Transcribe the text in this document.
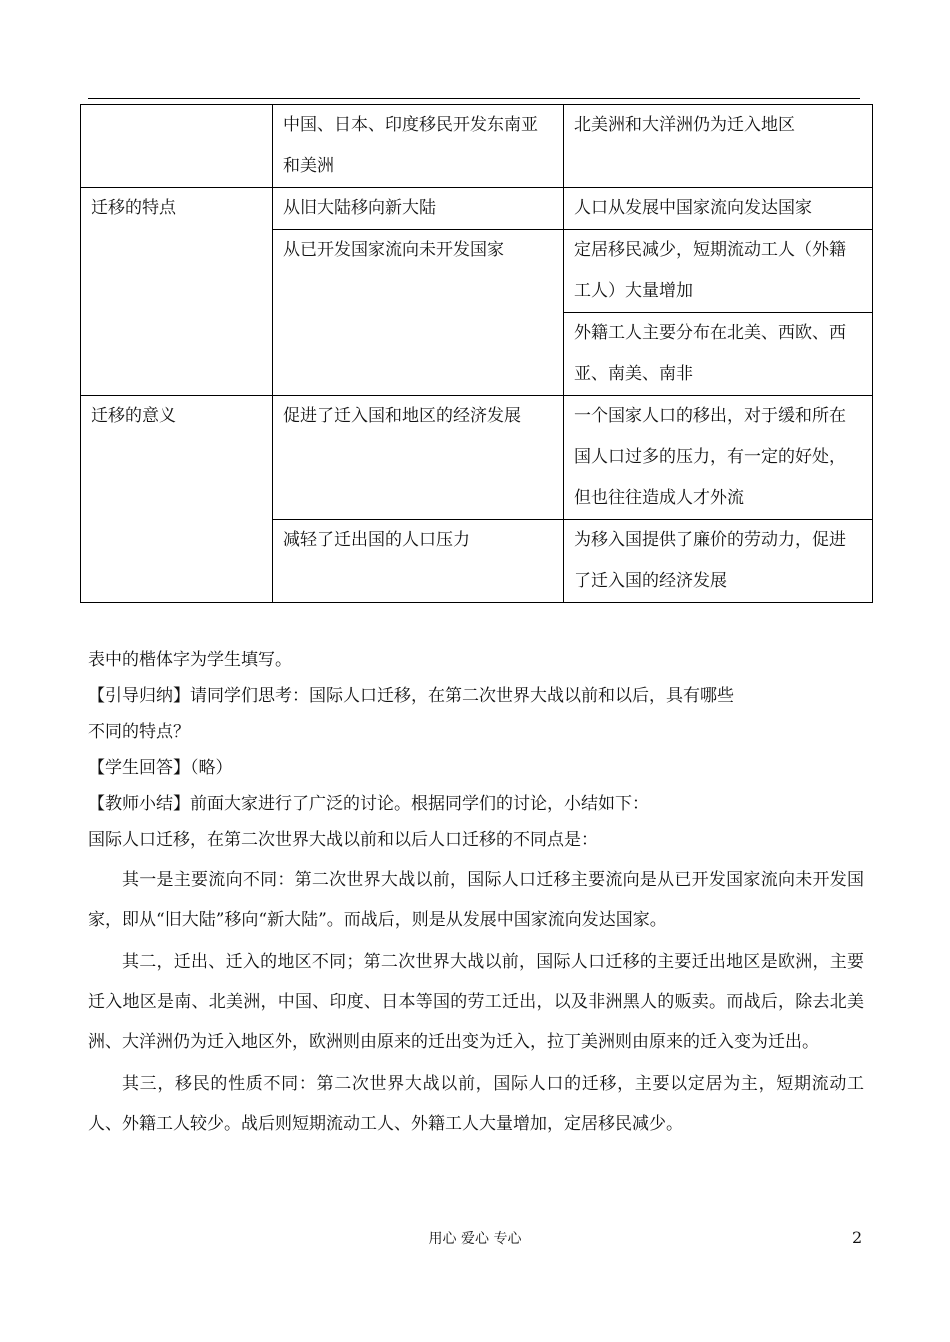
	中国、日本、印度移民开发东南亚和美洲	北美洲和大洋洲仍为迁入地区
迁移的特点	从旧大陆移向新大陆	人口从发展中国家流向发达国家
	从已开发国家流向未开发国家	定居移民减少，短期流动工人（外籍工人）大量增加
		外籍工人主要分布在北美、西欧、西亚、南美、南非
迁移的意义	促进了迁入国和地区的经济发展	一个国家人口的移出，对于缓和所在国人口过多的压力，有一定的好处，但也往往造成人才外流
	减轻了迁出国的人口压力	为移入国提供了廉价的劳动力，促进了迁入国的经济发展

表中的楷体字为学生填写。

【引导归纳】请同学们思考：国际人口迁移，在第二次世界大战以前和以后，具有哪些

不同的特点？

【学生回答】（略）

【教师小结】前面大家进行了广泛的讨论。根据同学们的讨论，小结如下：

国际人口迁移，在第二次世界大战以前和以后人口迁移的不同点是：

其一是主要流向不同：第二次世界大战以前，国际人口迁移主要流向是从已开发国家流向未开发国家，即从“旧大陆”移向“新大陆”。而战后，则是从发展中国家流向发达国家。

其二，迁出、迁入的地区不同；第二次世界大战以前，国际人口迁移的主要迁出地区是欧洲，主要迁入地区是南、北美洲，中国、印度、日本等国的劳工迁出，以及非洲黑人的贩卖。而战后，除去北美洲、大洋洲仍为迁入地区外，欧洲则由原来的迁出变为迁入，拉丁美洲则由原来的迁入变为迁出。

其三，移民的性质不同：第二次世界大战以前，国际人口的迁移，主要以定居为主，短期流动工人、外籍工人较少。战后则短期流动工人、外籍工人大量增加，定居移民减少。

用心 爱心 专心	2
